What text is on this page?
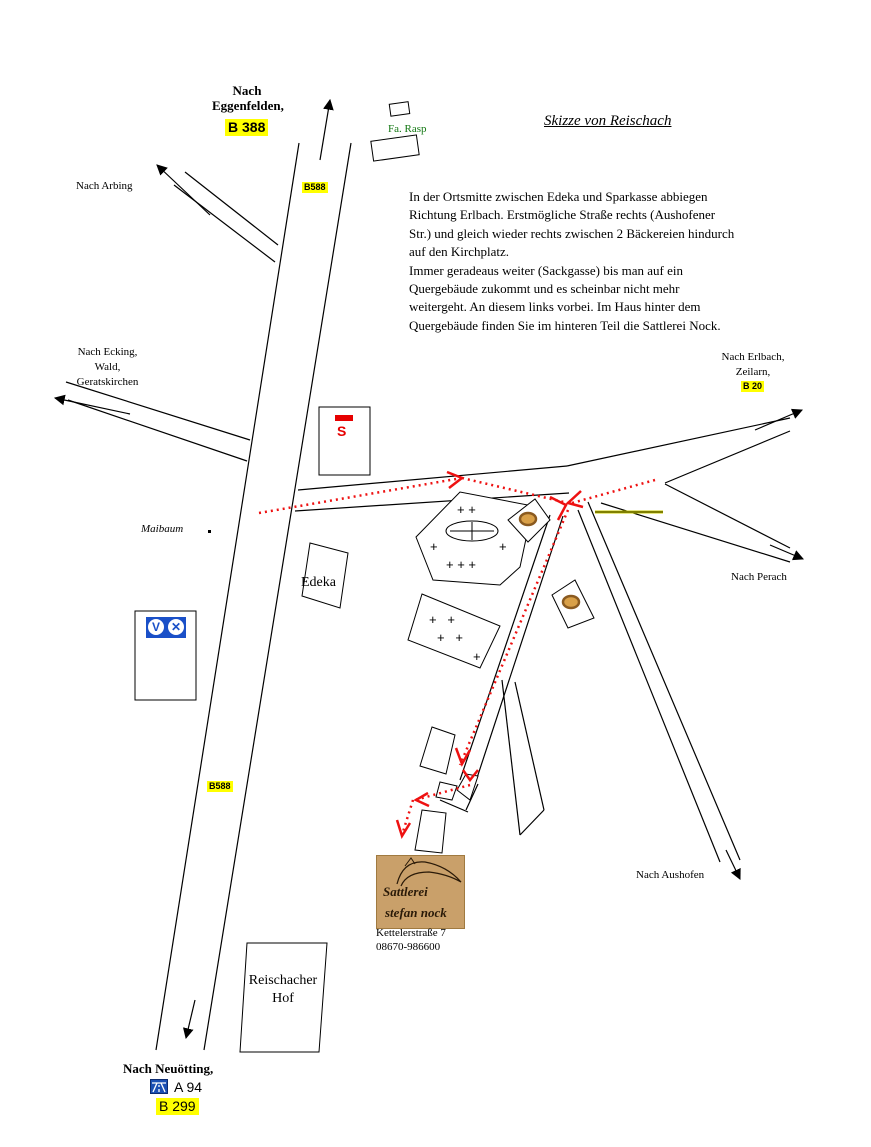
+ +
+	+
+ + +
+   +
+   +
+
S
Skizze von Reischach

In der Ortsmitte zwischen Edeka und Sparkasse abbiegen Richtung Erlbach. Erstmögliche Straße rechts (Aushofener Str.) und gleich wieder rechts zwischen 2 Bäckereien hindurch auf den Kirchplatz.

Immer geradeaus weiter (Sackgasse) bis man auf ein Quergebäude zukommt und es scheinbar nicht mehr weitergeht. An diesem links vorbei. Im Haus hinter dem Quergebäude finden Sie im hinteren Teil die Sattlerei Nock.

Nach
Eggenfelden,
B 388
B588
B588
Fa. Rasp
Nach Arbing
Nach Ecking,
Wald,
Geratskirchen
Nach Erlbach,
Zeilarn,
B 20
Maibaum
Edeka	Nach Perach
Nach Aushofen
V ✕
Sattlerei
stefan nock
Kettelerstraße 7
08670-986600
Reischacher
Hof
Nach Neuötting,
A 94
B 299
